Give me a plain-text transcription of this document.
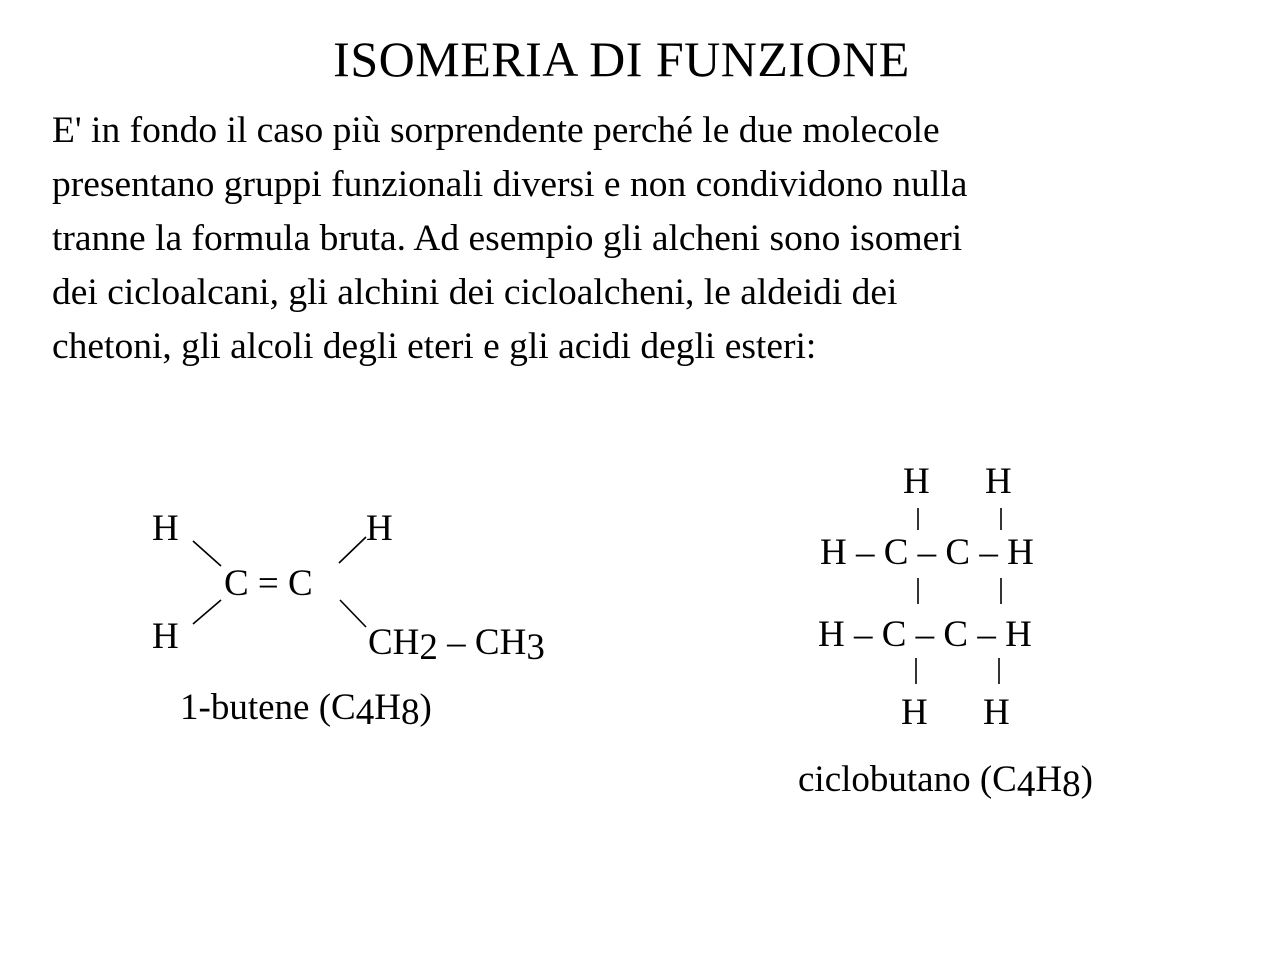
ISOMERIA DI FUNZIONE
E' in fondo il caso più sorprendente perché le due molecole
presentano gruppi funzionali diversi e non condividono nulla
tranne la formula bruta. Ad esempio gli alcheni sono isomeri
dei cicloalcani, gli alchini dei cicloalcheni, le aldeidi dei
chetoni, gli alcoli degli eteri e gli acidi degli esteri:
H	H
H
C = C
$CH_2 - CH_3$
1-butene $(C_4H_8)$
H H
H – C – C – H
H – C – C – H
H H
ciclobutano $(C_4H_8)$
